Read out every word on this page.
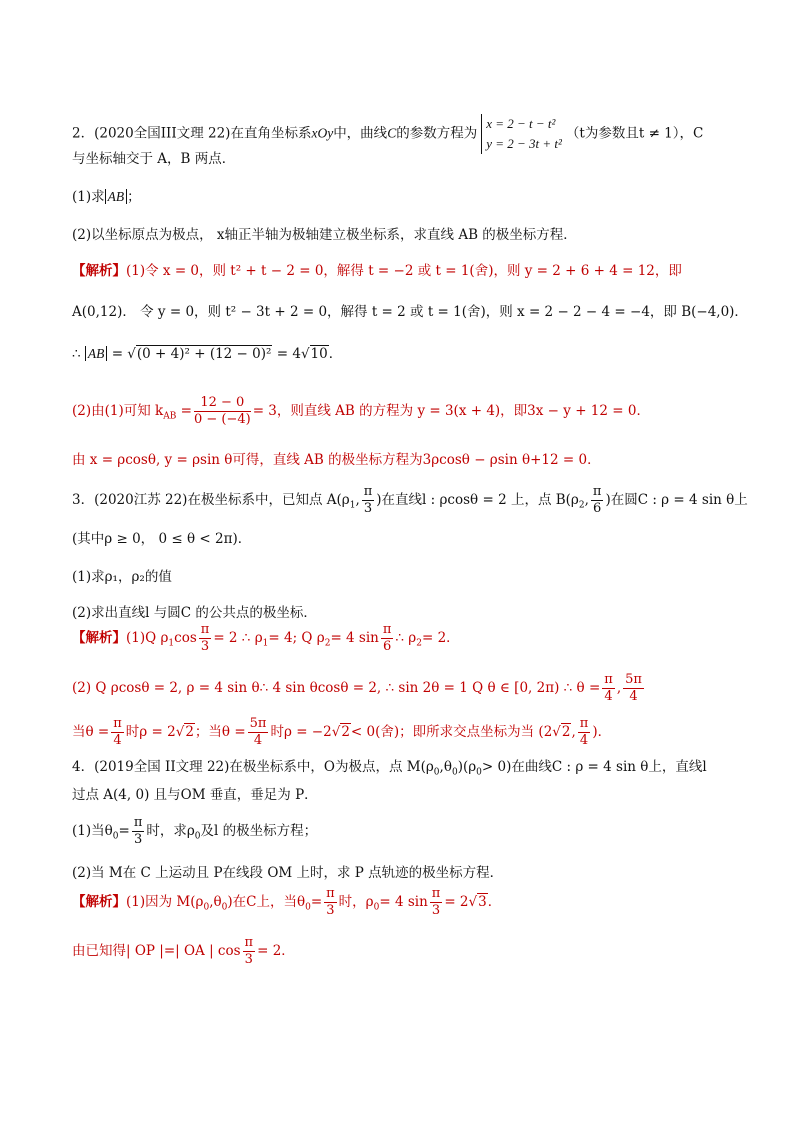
2．(2020全国III文理 22)在直角坐标系xOy中，曲线C的参数方程为
x = 2 − t − t²
y = 2 − 3t + t²
（t为参数且t ≠ 1），C
与坐标轴交于 A，B 两点．
(1)求 AB ；
(2)以坐标原点为极点， x轴正半轴为极轴建立极坐标系，求直线 AB 的极坐标方程．
【解析】(1)令 x = 0，则 t² + t − 2 = 0，解得 t = −2 或 t = 1(舍)，则 y = 2 + 6 + 4 = 12，即
A(0,12)． 令 y = 0，则 t² − 3t + 2 = 0，解得 t = 2 或 t = 1(舍)，则 x = 2 − 2 − 4 = −4，即 B(−4,0)．
∴ AB = √(0 + 4)² + (12 − 0)² = 4√10．
(2)由(1)可知 $k_{AB} = \frac{12 - 0}{0 - (-4)} = 3$，则直线 AB 的方程为 y = 3(x + 4)，即3x − y + 12 = 0．
由 x = ρcosθ, y = ρsin θ可得，直线 AB 的极坐标方程为3ρcosθ − ρsin θ+12 = 0．
3．(2020江苏 22)在极坐标系中，已知点 $A(\rho_1$, $\frac{\pi}{3}$ )在直线l : ρcosθ = 2 上，点 $B(\rho_2$, $\frac{\pi}{6}$ )在圆C : ρ = 4 sin θ上
(其中ρ ≥ 0， 0 ≤ θ < 2π)．
(1)求ρ₁，ρ₂的值
(2)求出直线l 与圆C 的公共点的极坐标．
【解析】(1)Q $\rho_1\cos \frac{\pi}{3} = 2$ ∴ $\rho_1= 4$; Q $\rho_2= 4$ $\sin \frac{\pi}{6}$ ∴ $\rho_2= 2$．
(2) Q ρcosθ = 2, ρ = 4 sin θ∴ 4 sin θcosθ = 2, ∴ sin 2θ = 1 Q θ ∈ [0, 2π) ∴ $\theta = \frac{\pi}{4}$ , $\frac{5\pi}{4}$
当$\theta = \frac{\pi}{4}$ 时ρ = 2√2；当$\theta = \frac{5\pi}{4}$ 时ρ = −2√2< 0(舍)；即所求交点坐标为当 (2√2, $\frac{\pi}{4}$ )．
4．(2019全国 II文理 22)在极坐标系中，O为极点，点 $M(\rho_0,\theta_0)(\rho_0> 0)$在曲线C : ρ = 4 sin θ上，直线l
过点 A(4, 0) 且与OM 垂直，垂足为 P．
(1)当$\theta_0= \frac{\pi}{3}$ 时，求$\rho_0$及l 的极坐标方程；
(2)当 M在 C 上运动且 P在线段 OM 上时，求 P 点轨迹的极坐标方程．
【解析】(1)因为 $M(\rho_0,\theta_0)$在C上，当$\theta_0= \frac{\pi}{3}$ 时，$\rho_0= 4$ $\sin \frac{\pi}{3} = 2√3$．
由已知得| OP |=| OA | $\cos \frac{\pi}{3} = 2$．
